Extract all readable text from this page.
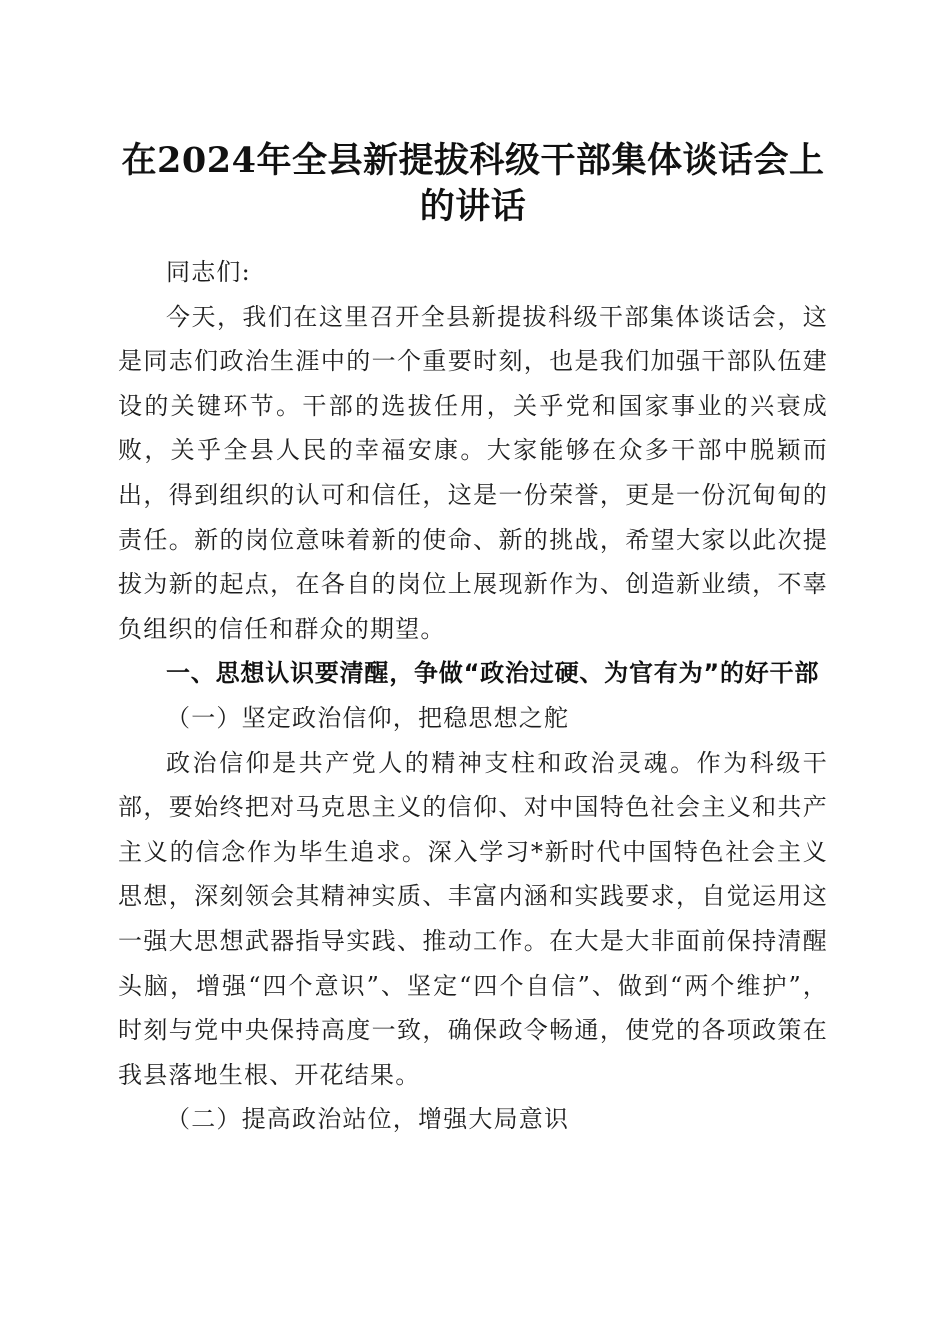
在2024年全县新提拔科级干部集体谈话会上
的讲话

同志们:

今天，我们在这里召开全县新提拔科级干部集体谈话会，这是同志们政治生涯中的一个重要时刻，也是我们加强干部队伍建设的关键环节。干部的选拔任用，关乎党和国家事业的兴衰成败，关乎全县人民的幸福安康。大家能够在众多干部中脱颖而出，得到组织的认可和信任，这是一份荣誉，更是一份沉甸甸的责任。新的岗位意味着新的使命、新的挑战，希望大家以此次提拔为新的起点，在各自的岗位上展现新作为、创造新业绩，不辜负组织的信任和群众的期望。

一、思想认识要清醒，争做“政治过硬、为官有为”的好干部

（一）坚定政治信仰，把稳思想之舵

政治信仰是共产党人的精神支柱和政治灵魂。作为科级干部，要始终把对马克思主义的信仰、对中国特色社会主义和共产主义的信念作为毕生追求。深入学习*新时代中国特色社会主义思想，深刻领会其精神实质、丰富内涵和实践要求，自觉运用这一强大思想武器指导实践、推动工作。在大是大非面前保持清醒头脑，增强“四个意识”、坚定“四个自信”、做到“两个维护”，时刻与党中央保持高度一致，确保政令畅通，使党的各项政策在我县落地生根、开花结果。

（二）提高政治站位，增强大局意识
